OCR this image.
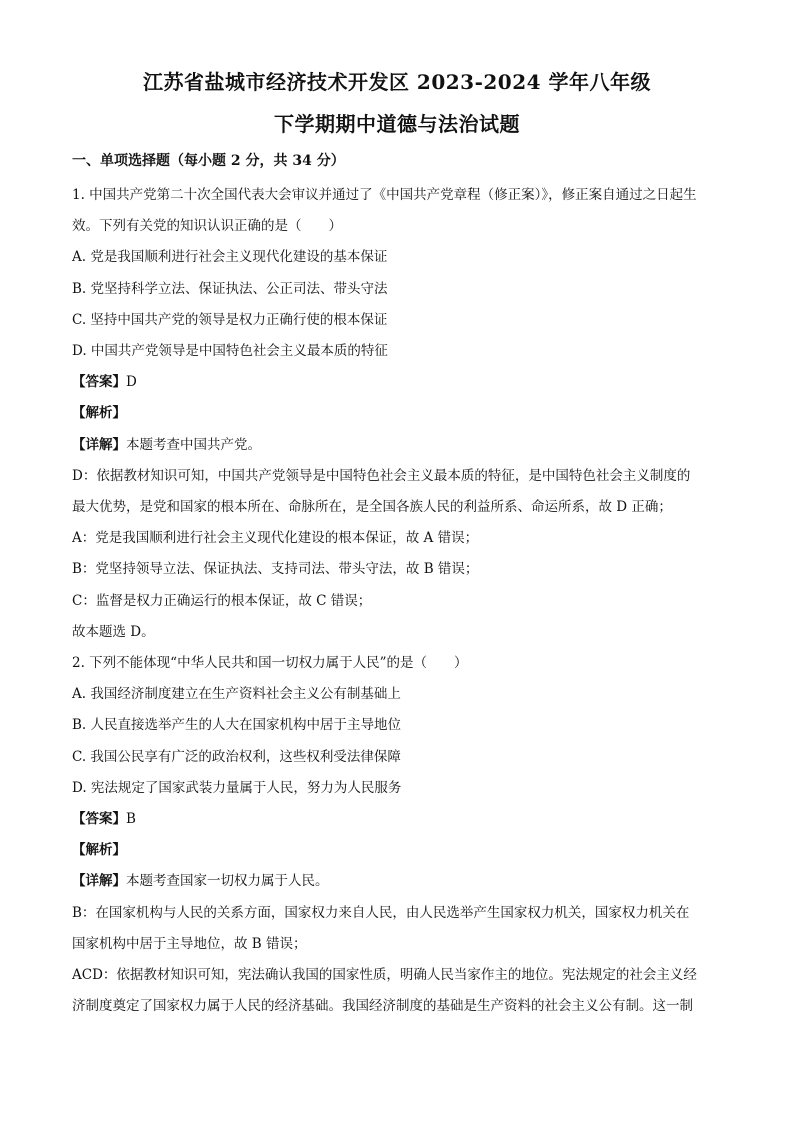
江苏省盐城市经济技术开发区 2023-2024 学年八年级
下学期期中道德与法治试题
一、单项选择题（每小题 2 分，共 34 分）

1. 中国共产党第二十次全国代表大会审议并通过了《中国共产党章程（修正案）》，修正案自通过之日起生

效。下列有关党的知识认识正确的是（　　）

A. 党是我国顺利进行社会主义现代化建设的基本保证

B. 党坚持科学立法、保证执法、公正司法、带头守法

C. 坚持中国共产党的领导是权力正确行使的根本保证

D. 中国共产党领导是中国特色社会主义最本质的特征

【答案】D

【解析】

【详解】本题考查中国共产党。

D：依据教材知识可知，中国共产党领导是中国特色社会主义最本质的特征，是中国特色社会主义制度的

最大优势，是党和国家的根本所在、命脉所在，是全国各族人民的利益所系、命运所系，故 D 正确；

A：党是我国顺利进行社会主义现代化建设的根本保证，故 A 错误；

B：党坚持领导立法、保证执法、支持司法、带头守法，故 B 错误；

C：监督是权力正确运行的根本保证，故 C 错误；

故本题选 D。

2. 下列不能体现“中华人民共和国一切权力属于人民”的是（　　）

A. 我国经济制度建立在生产资料社会主义公有制基础上

B. 人民直接选举产生的人大在国家机构中居于主导地位

C. 我国公民享有广泛的政治权利，这些权利受法律保障

D. 宪法规定了国家武装力量属于人民，努力为人民服务

【答案】B

【解析】

【详解】本题考查国家一切权力属于人民。

B：在国家机构与人民的关系方面，国家权力来自人民，由人民选举产生国家权力机关，国家权力机关在

国家机构中居于主导地位，故 B 错误；

ACD：依据教材知识可知，宪法确认我国的国家性质，明确人民当家作主的地位。宪法规定的社会主义经

济制度奠定了国家权力属于人民的经济基础。我国经济制度的基础是生产资料的社会主义公有制。这一制
